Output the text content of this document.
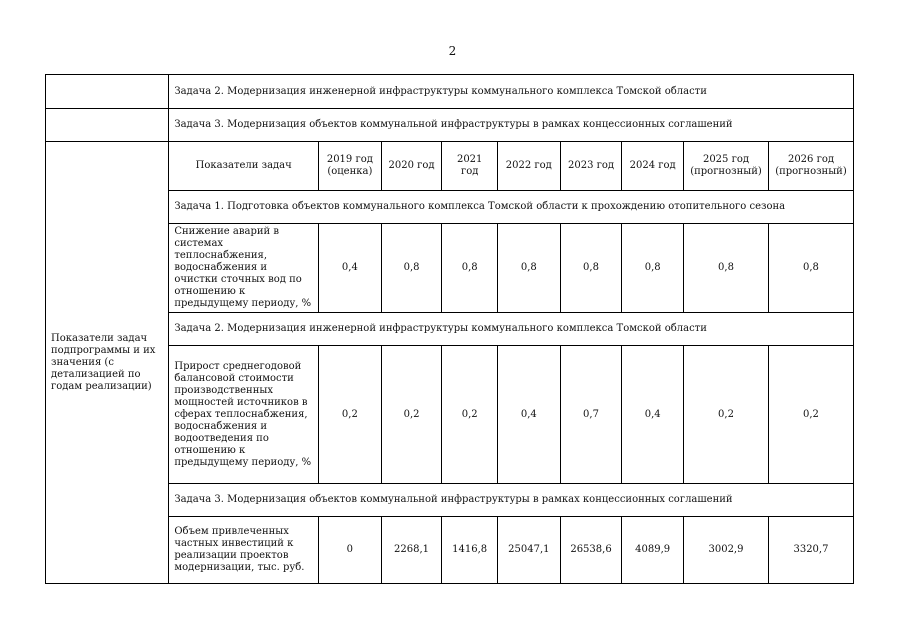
2
	Задача 2. Модернизация инженерной инфраструктуры коммунального комплекса Томской области								
	Задача 3. Модернизация объектов коммунальной инфраструктуры в рамках концессионных соглашений								
Показатели задач подпрограммы и их значения (с детализацией по годам реализации)	Показатели задач	2019 год (оценка)	2020 год	2021 год	2022 год	2023 год	2024 год	2025 год (прогнозный)	2026 год (прогнозный)
	Задача 1. Подготовка объектов коммунального комплекса Томской области к прохождению отопительного сезона								
	Снижение аварий в системах теплоснабжения, водоснабжения и очистки сточных вод по отношению к предыдущему периоду, %	0,4	0,8	0,8	0,8	0,8	0,8	0,8	0,8
	Задача 2. Модернизация инженерной инфраструктуры коммунального комплекса Томской области								
	Прирост среднегодовой балансовой стоимости производственных мощностей источников в сферах теплоснабжения, водоснабжения и водоотведения по отношению к предыдущему периоду, %	0,2	0,2	0,2	0,4	0,7	0,4	0,2	0,2
	Задача 3. Модернизация объектов коммунальной инфраструктуры в рамках концессионных соглашений								
	Объем привлеченных частных инвестиций к реализации проектов модернизации, тыс. руб.	0	2268,1	1416,8	25047,1	26538,6	4089,9	3002,9	3320,7
